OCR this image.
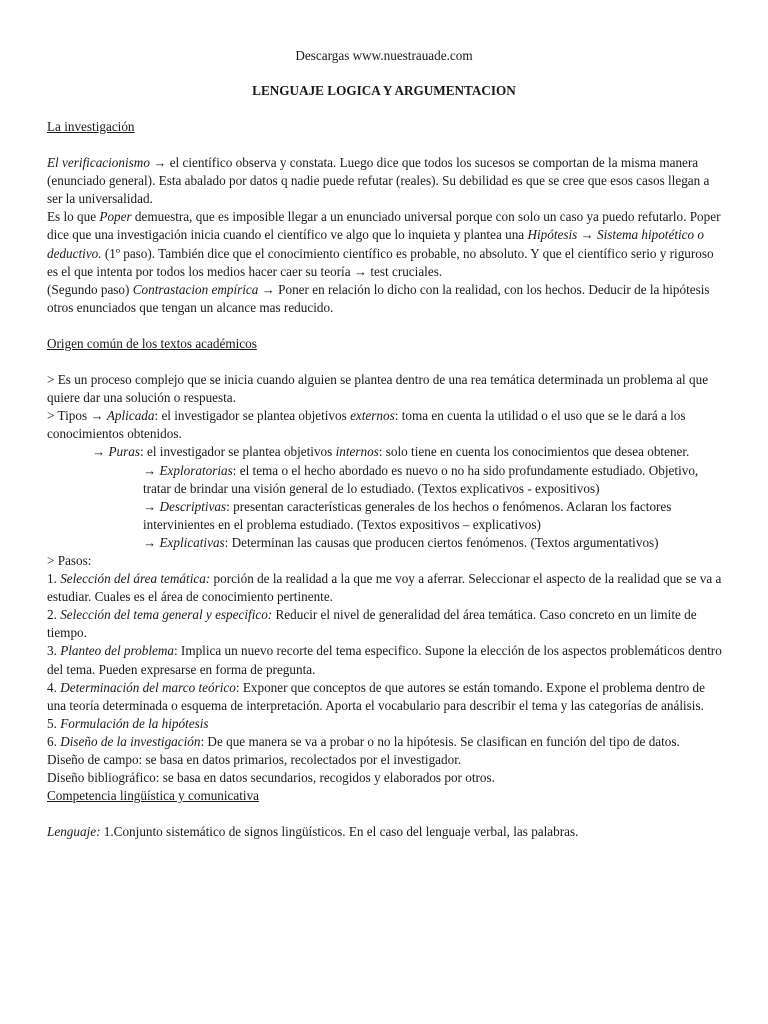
Descargas www.nuestrauade.com
LENGUAJE LOGICA Y ARGUMENTACION

La investigación

El verificacionismo → el científico observa y constata. Luego dice que todos los sucesos se comportan de la misma manera (enunciado general). Esta abalado por datos q nadie puede refutar (reales). Su debilidad es que se cree que esos casos llegan a ser la universalidad.

Es lo que Poper demuestra, que es imposible llegar a un enunciado universal porque con solo un caso ya puedo refutarlo. Poper dice que una investigación inicia cuando el científico ve algo que lo inquieta y plantea una Hipótesis → Sistema hipotético o deductivo. (1º paso). También dice que el conocimiento científico es probable, no absoluto. Y que el científico serio y riguroso es el que intenta por todos los medios hacer caer su teoría → test cruciales.

(Segundo paso) Contrastacion empírica → Poner en relación lo dicho con la realidad, con los hechos. Deducir de la hipótesis otros enunciados que tengan un alcance mas reducido.

Origen común de los textos académicos

> Es un proceso complejo que se inicia cuando alguien se plantea dentro de una rea temática determinada un problema al que quiere dar una solución o respuesta.

> Tipos → Aplicada: el investigador se plantea objetivos externos: toma en cuenta la utilidad o el uso que se le dará a los conocimientos obtenidos.

→ Puras: el investigador se plantea objetivos internos: solo tiene en cuenta los conocimientos que desea obtener.

→ Exploratorias: el tema o el hecho abordado es nuevo o no ha sido profundamente estudiado. Objetivo, tratar de brindar una visión general de lo estudiado. (Textos explicativos - expositivos)

→ Descriptivas: presentan características generales de los hechos o fenómenos. Aclaran los factores intervinientes en el problema estudiado. (Textos expositivos – explicativos)

→ Explicativas: Determinan las causas que producen ciertos fenómenos. (Textos argumentativos)

> Pasos:

1. Selección del área temática: porción de la realidad a la que me voy a aferrar. Seleccionar el aspecto de la realidad que se va a estudiar. Cuales es el área de conocimiento pertinente.

2. Selección del tema general y especifico: Reducir el nivel de generalidad del área temática. Caso concreto en un limite de tiempo.

3. Planteo del problema: Implica un nuevo recorte del tema especifico. Supone la elección de los aspectos problemáticos dentro del tema. Pueden expresarse en forma de pregunta.

4. Determinación del marco teórico: Exponer que conceptos de que autores se están tomando. Expone el problema dentro de una teoría determinada o esquema de interpretación. Aporta el vocabulario para describir el tema y las categorías de análisis.

5. Formulación de la hipótesis

6. Diseño de la investigación: De que manera se va a probar o no la hipótesis. Se clasifican en función del tipo de datos.

Diseño de campo: se basa en datos primarios, recolectados por el investigador.

Diseño bibliográfico: se basa en datos secundarios, recogidos y elaborados por otros.

Competencia lingüística y comunicativa

Lenguaje: 1.Conjunto sistemático de signos lingüísticos. En el caso del lenguaje verbal, las palabras.
